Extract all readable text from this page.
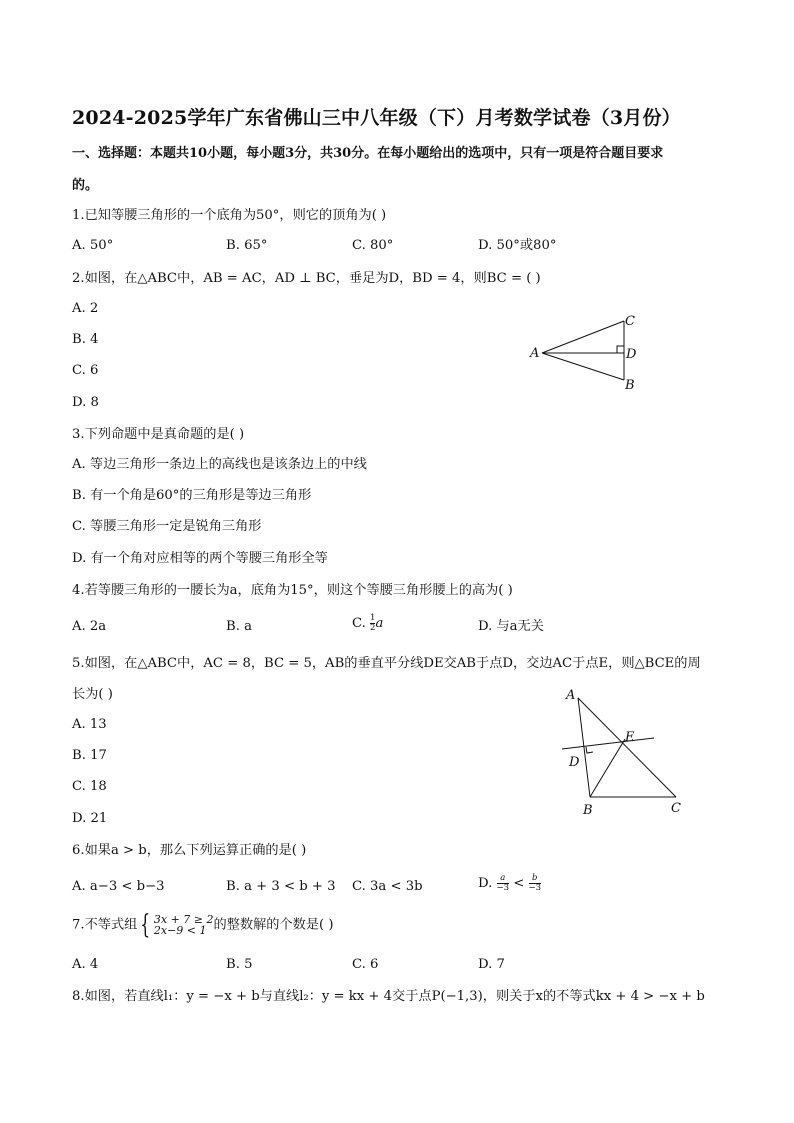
2024-2025学年广东省佛山三中八年级（下）月考数学试卷（3月份）
一、选择题：本题共10小题，每小题3分，共30分。在每小题给出的选项中，只有一项是符合题目要求
的。
1.已知等腰三角形的一个底角为50°，则它的顶角为( )
A. 50°	B. 65°	C. 80°	D. 50°或80°
2.如图，在△ABC中，AB = AC，AD ⊥ BC，垂足为D，BD = 4，则BC = ( )
A. 2
B. 4
C. 6
D. 8
A
B
C
D
3.下列命题中是真命题的是( )
A. 等边三角形一条边上的高线也是该条边上的中线
B. 有一个角是60°的三角形是等边三角形
C. 等腰三角形一定是锐角三角形
D. 有一个角对应相等的两个等腰三角形全等
4.若等腰三角形的一腰长为a，底角为15°，则这个等腰三角形腰上的高为( )
A. 2a	B. a	C. $\frac{1}{2}$ a	D. 与a无关
5.如图，在△ABC中，AC = 8，BC = 5，AB的垂直平分线DE交AB于点D，交边AC于点E，则△BCE的周
长为( )
A. 13
B. 17
C. 18
D. 21
A
B	C
D
E
6.如果a > b，那么下列运算正确的是( )
A. a−3 < b−3	B. a + 3 < b + 3 C. 3a < 3b	D. $\frac{a}{-3} < \frac{b}{-3}$
7.不等式组 { 3x + 7 ≥ 2
2x−9 < 1 的整数解的个数是( )
A. 4	B. 5	C. 6	D. 7
8.如图，若直线l₁：y = −x + b与直线l₂：y = kx + 4交于点P(−1,3)，则关于x的不等式kx + 4 > −x + b
